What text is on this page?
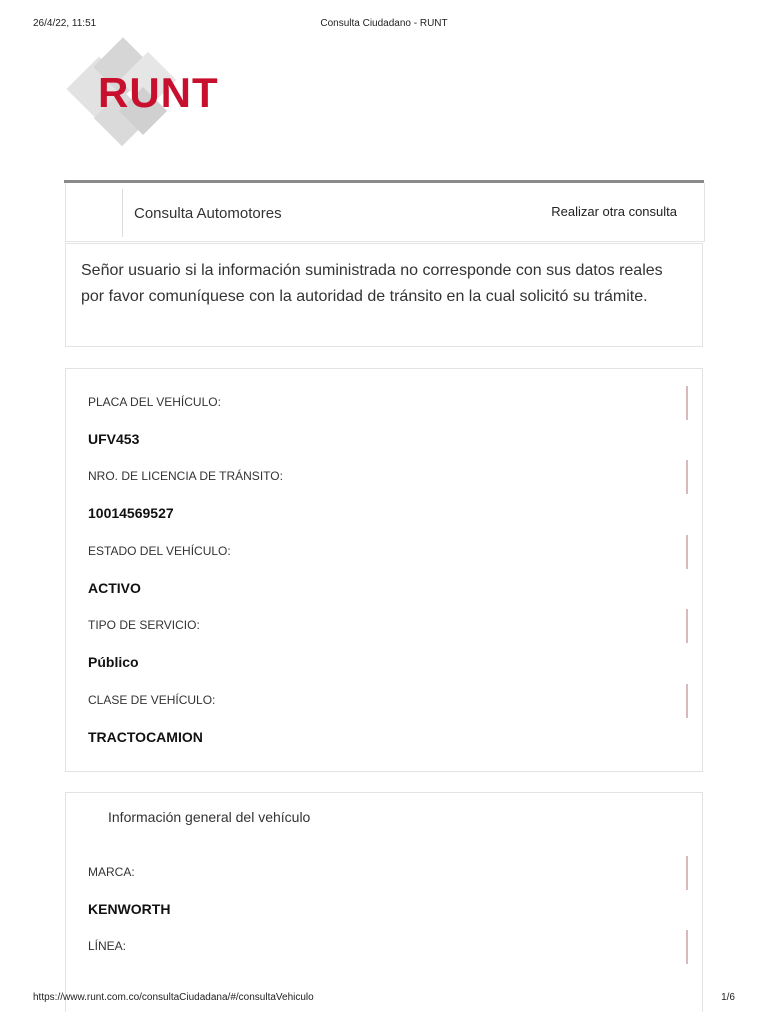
26/4/22, 11:51	Consulta Ciudadano - RUNT
RUNT
Consulta Automotores	Realizar otra consulta

Señor usuario si la información suministrada no corresponde con sus datos reales por favor comuníquese con la autoridad de tránsito en la cual solicitó su trámite.

PLACA DEL VEHÍCULO:
UFV453
NRO. DE LICENCIA DE TRÁNSITO:
10014569527
ESTADO DEL VEHÍCULO:
ACTIVO
TIPO DE SERVICIO:
Público
CLASE DE VEHÍCULO:
TRACTOCAMION
Información general del vehículo
MARCA:
KENWORTH
LÍNEA:
https://www.runt.com.co/consultaCiudadana/#/consultaVehiculo	1/6
